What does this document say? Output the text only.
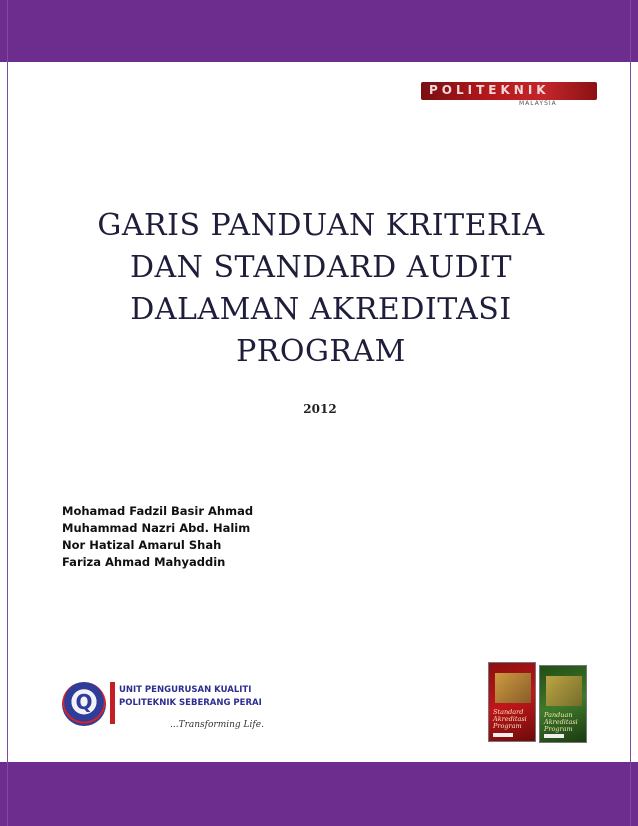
POLITEKNIK
MALAYSIA
GARIS PANDUAN KRITERIA
DAN STANDARD AUDIT
DALAMAN AKREDITASI
PROGRAM
2012
Mohamad Fadzil Basir Ahmad
Muhammad Nazri Abd. Halim
Nor Hatizal Amarul Shah
Fariza Ahmad Mahyaddin
Q	UNIT PENGURUSAN KUALITI
POLITEKNIK SEBERANG PERAI
...Transforming Life.
Standard Akreditasi Program
Panduan Akreditasi Program
